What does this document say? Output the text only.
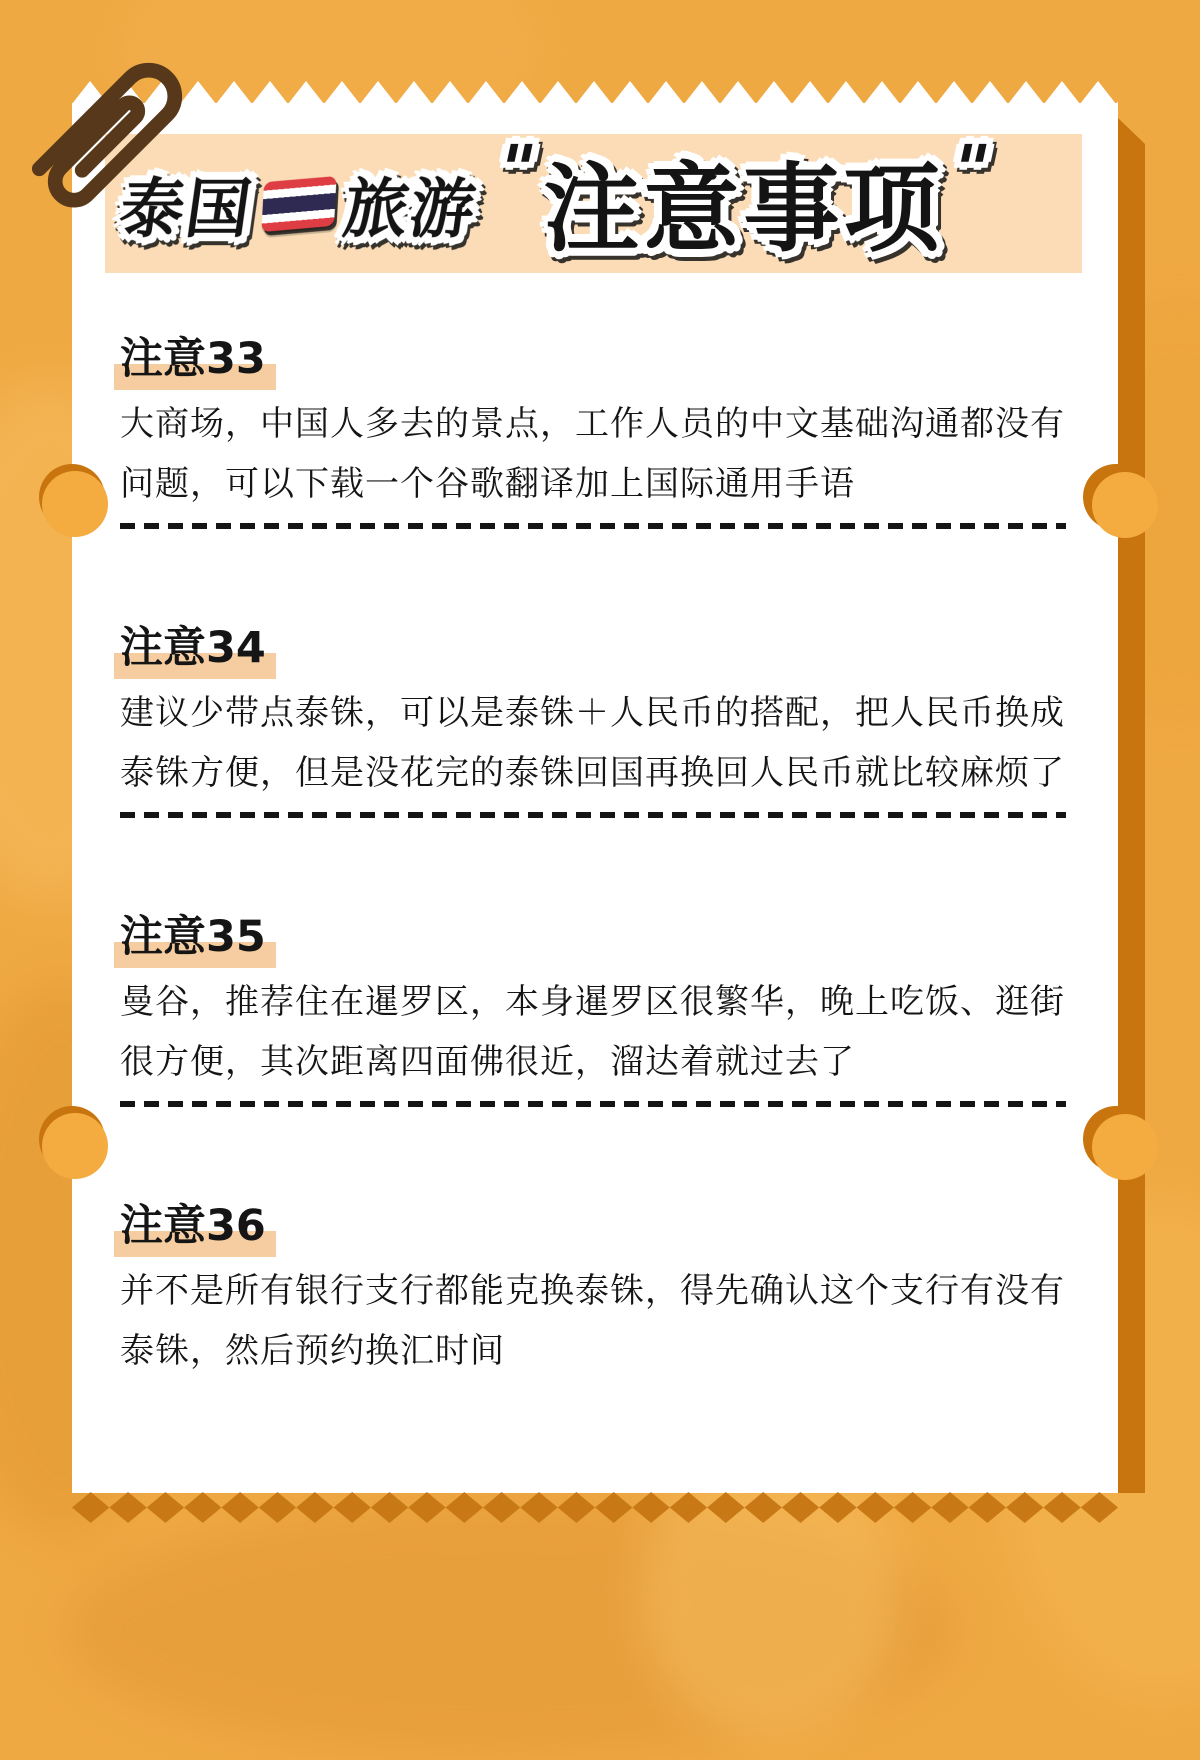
泰国 旅游
" 注意事项 "
注意33
大商场，中国人多去的景点，工作人员的中文基础沟通都没有问题，可以下载一个谷歌翻译加上国际通用手语
注意34
建议少带点泰铢，可以是泰铢＋人民币的搭配，把人民币换成泰铢方便，但是没花完的泰铢回国再换回人民币就比较麻烦了
注意35
曼谷，推荐住在暹罗区，本身暹罗区很繁华，晚上吃饭、逛街很方便，其次距离四面佛很近，溜达着就过去了
注意36
并不是所有银行支行都能克换泰铢，得先确认这个支行有没有泰铢，然后预约换汇时间
